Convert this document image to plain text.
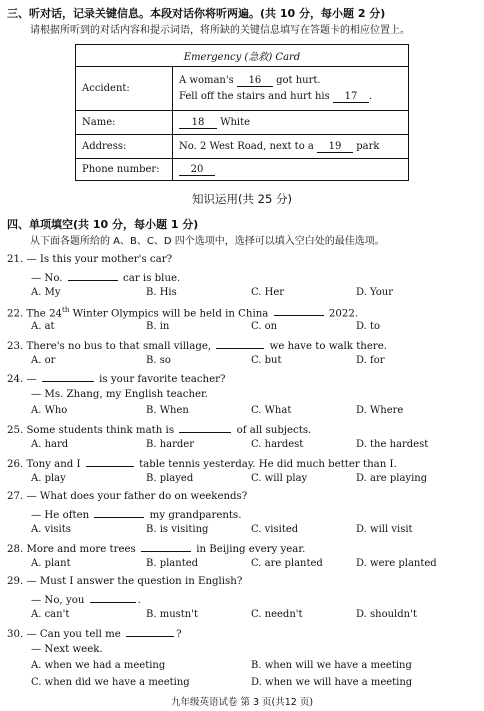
三、听对话，记录关键信息。本段对话你将听两遍。(共 10 分，每小题 2 分)
请根据所听到的对话内容和提示词语，将所缺的关键信息填写在答题卡的相应位置上。
Emergency (急救) Card	
Accident:	A woman's 16 got hurt.
Fell off the stairs and hurt his 17 .

Name:	18 White
Address:	No. 2 West Road, next to a 19 park
Phone number:	20
知识运用(共 25 分)
四、单项填空(共 10 分，每小题 1 分)
从下面各题所给的 A、B、C、D 四个选项中，选择可以填入空白处的最佳选项。
21. — Is this your mother's car?
— No.	car is blue.
A. My	B. His	C. Her	D. Your
22. The 24th Winter Olympics will be held in China	2022.
A. at	B. in	C. on	D. to
23. There's no bus to that small village,	we have to walk there.
A. or	B. so	C. but	D. for
24. —	is your favorite teacher?
— Ms. Zhang, my English teacher.
A. Who	B. When	C. What	D. Where
25. Some students think math is	of all subjects.
A. hard	B. harder	C. hardest	D. the hardest
26. Tony and I	table tennis yesterday. He did much better than I.
A. play	B. played	C. will play	D. are playing
27. — What does your father do on weekends?
— He often	my grandparents.
A. visits	B. is visiting	C. visited	D. will visit
28. More and more trees	in Beijing every year.
A. plant	B. planted	C. are planted	D. were planted
29. — Must I answer the question in English?
— No, you	.
A. can't	B. mustn't	C. needn't	D. shouldn't
30. — Can you tell me	?
— Next week.
A. when we had a meeting	B. when will we have a meeting
C. when did we have a meeting	D. when we will have a meeting
九年级英语试卷 第 3 页(共12 页)
